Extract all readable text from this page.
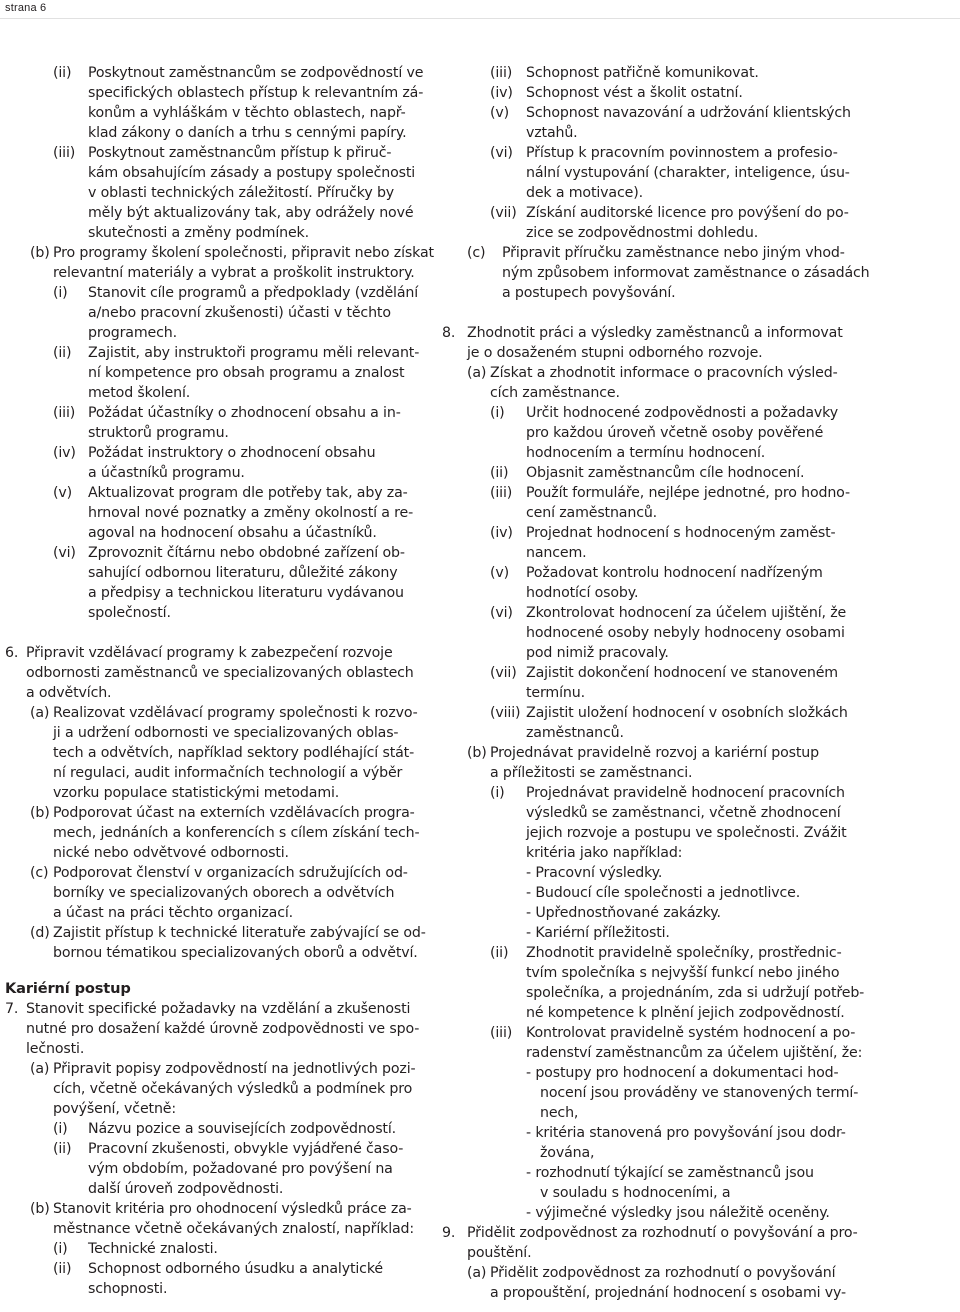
strana 6
(ii) Poskytnout zaměstnancům se zodpovědností ve
specifických oblastech přístup k relevantním zá-
konům a vyhláškám v těchto oblastech, např-
klad zákony o daních a trhu s cennými papíry.
(iii) Poskytnout zaměstnancům přístup k přiruč-
kám obsahujícím zásady a postupy společnosti
v oblasti technických záležitostí. Příručky by
měly být aktualizovány tak, aby odrážely nové
skutečnosti a změny podmínek.
(b) Pro programy školení společnosti, připravit nebo získat
relevantní materiály a vybrat a proškolit instruktory.
(i) Stanovit cíle programů a předpoklady (vzdělání
a/nebo pracovní zkušenosti) účasti v těchto
programech.
(ii) Zajistit, aby instruktoři programu měli relevant-
ní kompetence pro obsah programu a znalost
metod školení.
(iii) Požádat účastníky o zhodnocení obsahu a in-
struktorů programu.
(iv) Požádat instruktory o zhodnocení obsahu
a účastníků programu.
(v) Aktualizovat program dle potřeby tak, aby za-
hrnoval nové poznatky a změny okolností a re-
agoval na hodnocení obsahu a účastníků.
(vi) Zprovoznit čítárnu nebo obdobné zařízení ob-
sahující odbornou literaturu, důležité zákony
a předpisy a technickou literaturu vydávanou
společností.
6. Připravit vzdělávací programy k zabezpečení rozvoje
odbornosti zaměstnanců ve specializovaných oblastech
a odvětvích.
(a) Realizovat vzdělávací programy společnosti k rozvo-
ji a udržení odbornosti ve specializovaných oblas-
tech a odvětvích, například sektory podléhající stát-
ní regulaci, audit informačních technologií a výběr
vzorku populace statistickými metodami.
(b) Podporovat účast na externích vzdělávacích progra-
mech, jednáních a konferencích s cílem získání tech-
nické nebo odvětvové odbornosti.
(c) Podporovat členství v organizacích sdružujících od-
borníky ve specializovaných oborech a odvětvích
a účast na práci těchto organizací.
(d) Zajistit přístup k technické literatuře zabývající se od-
bornou tématikou specializovaných oborů a odvětví.
Kariérní postup
7. Stanovit specifické požadavky na vzdělání a zkušenosti
nutné pro dosažení každé úrovně zodpovědnosti ve spo-
lečnosti.
(a) Připravit popisy zodpovědností na jednotlivých pozi-
cích, včetně očekávaných výsledků a podmínek pro
povýšení, včetně:
(i) Názvu pozice a souvisejících zodpovědností.
(ii) Pracovní zkušenosti, obvykle vyjádřené časo-
vým obdobím, požadované pro povýšení na
další úroveň zodpovědnosti.
(b) Stanovit kritéria pro ohodnocení výsledků práce za-
městnance včetně očekávaných znalostí, například:
(i) Technické znalosti.
(ii) Schopnost odborného úsudku a analytické
schopnosti.
(iii) Schopnost patřičně komunikovat.
(iv) Schopnost vést a školit ostatní.
(v) Schopnost navazování a udržování klientských
vztahů.
(vi) Přístup k pracovním povinnostem a profesio-
nální vystupování (charakter, inteligence, úsu-
dek a motivace).
(vii) Získání auditorské licence pro povýšení do po-
zice se zodpovědnostmi dohledu.
(c) Připravit příručku zaměstnance nebo jiným vhod-
ným způsobem informovat zaměstnance o zásadách
a postupech povyšování.
8. Zhodnotit práci a výsledky zaměstnanců a informovat
je o dosaženém stupni odborného rozvoje.
(a) Získat a zhodnotit informace o pracovních výsled-
cích zaměstnance.
(i) Určit hodnocené zodpovědnosti a požadavky
pro každou úroveň včetně osoby pověřené
hodnocením a termínu hodnocení.
(ii) Objasnit zaměstnancům cíle hodnocení.
(iii) Použít formuláře, nejlépe jednotné, pro hodno-
cení zaměstnanců.
(iv) Projednat hodnocení s hodnoceným zaměst-
nancem.
(v) Požadovat kontrolu hodnocení nadřízeným
hodnotící osoby.
(vi) Zkontrolovat hodnocení za účelem ujištění, že
hodnocené osoby nebyly hodnoceny osobami
pod nimiž pracovaly.
(vii) Zajistit dokončení hodnocení ve stanoveném
termínu.
(viii) Zajistit uložení hodnocení v osobních složkách
zaměstnanců.
(b) Projednávat pravidelně rozvoj a kariérní postup
a příležitosti se zaměstnanci.
(i) Projednávat pravidelně hodnocení pracovních
výsledků se zaměstnanci, včetně zhodnocení
jejich rozvoje a postupu ve společnosti. Zvážit
kritéria jako například:
- Pracovní výsledky.
- Budoucí cíle společnosti a jednotlivce.
- Upřednostňované zakázky.
- Kariérní příležitosti.
(ii) Zhodnotit pravidelně společníky, prostřednic-
tvím společníka s nejvyšší funkcí nebo jiného
společníka, a projednáním, zda si udržují potřeb-
né kompetence k plnění jejich zodpovědností.
(iii) Kontrolovat pravidelně systém hodnocení a po-
radenství zaměstnancům za účelem ujištění, že:
- postupy pro hodnocení a dokumentaci hod-
nocení jsou prováděny ve stanovených termí-
nech,
- kritéria stanovená pro povyšování jsou dodr-
žována,
- rozhodnutí týkající se zaměstnanců jsou
v souladu s hodnoceními, a
- výjimečné výsledky jsou náležitě oceněny.
9. Přidělit zodpovědnost za rozhodnutí o povyšování a pro-
pouštění.
(a) Přidělit zodpovědnost za rozhodnutí o povyšování
a propouštění, projednání hodnocení s osobami vy-
